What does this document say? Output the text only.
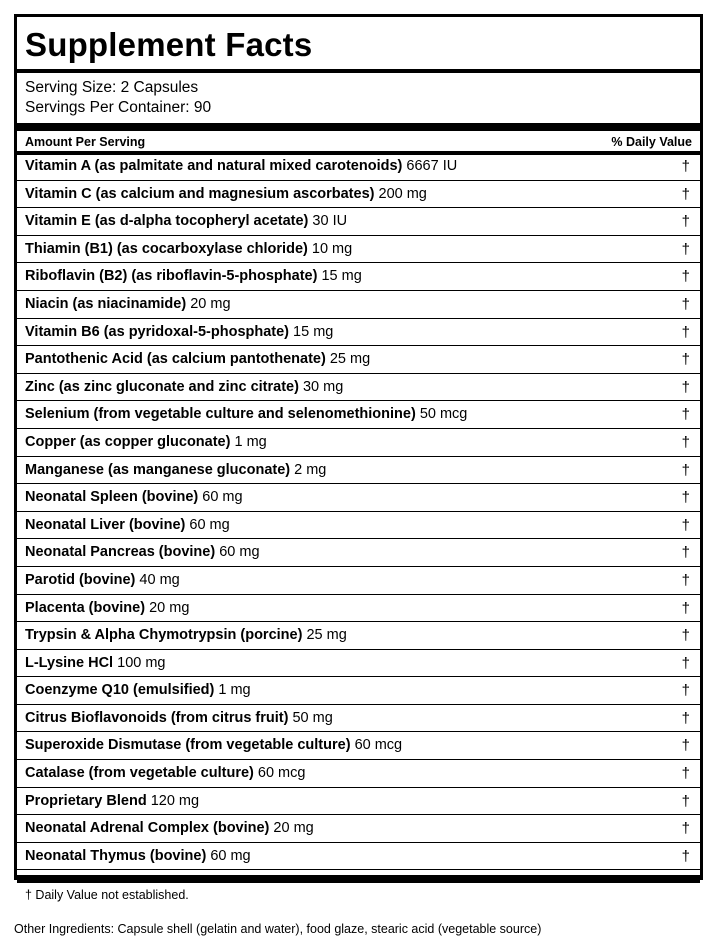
Supplement Facts
Serving Size: 2 Capsules
Servings Per Container: 90
Amount Per Serving	% Daily Value
Vitamin A (as palmitate and natural mixed carotenoids) 6667 IU	†
Vitamin C (as calcium and magnesium ascorbates) 200 mg	†
Vitamin E (as d-alpha tocopheryl acetate) 30 IU	†
Thiamin (B1) (as cocarboxylase chloride) 10 mg	†
Riboflavin (B2) (as riboflavin-5-phosphate) 15 mg	†
Niacin (as niacinamide) 20 mg	†
Vitamin B6 (as pyridoxal-5-phosphate) 15 mg	†
Pantothenic Acid (as calcium pantothenate) 25 mg	†
Zinc (as zinc gluconate and zinc citrate) 30 mg	†
Selenium (from vegetable culture and selenomethionine) 50 mcg	†
Copper (as copper gluconate) 1 mg	†
Manganese (as manganese gluconate) 2 mg	†
Neonatal Spleen (bovine) 60 mg	†
Neonatal Liver (bovine) 60 mg	†
Neonatal Pancreas (bovine) 60 mg	†
Parotid (bovine) 40 mg	†
Placenta (bovine) 20 mg	†
Trypsin & Alpha Chymotrypsin (porcine) 25 mg	†
L-Lysine HCl 100 mg	†
Coenzyme Q10 (emulsified) 1 mg	†
Citrus Bioflavonoids (from citrus fruit) 50 mg	†
Superoxide Dismutase (from vegetable culture) 60 mcg	†
Catalase (from vegetable culture) 60 mcg	†
Proprietary Blend 120 mg	†
Neonatal Adrenal Complex (bovine) 20 mg	†
Neonatal Thymus (bovine) 60 mg	†
† Daily Value not established.
Other Ingredients: Capsule shell (gelatin and water), food glaze, stearic acid (vegetable source)
